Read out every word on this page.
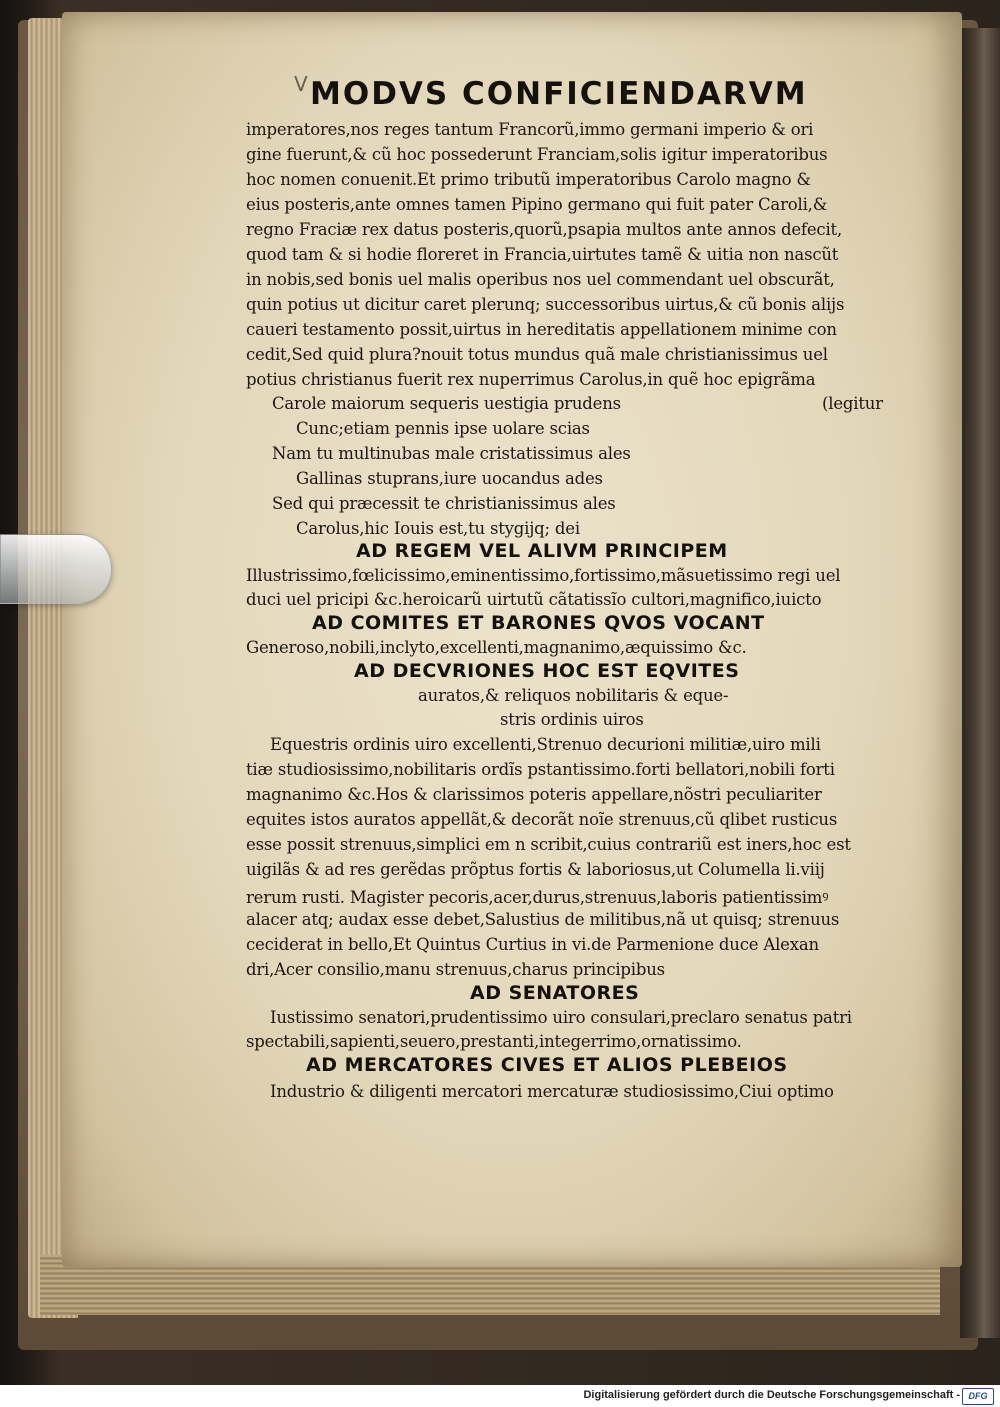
V MODVS CONFICIENDARVM
imperatores,nos reges tantum Francorũ,immo germani imperio & ori
gine fuerunt,& cũ hoc possederunt Franciam,solis igitur imperatoribus
hoc nomen conuenit.Et primo tributũ imperatoribus Carolo magno &
eius posteris,ante omnes tamen Pipino germano qui fuit pater Caroli,&
regno Fraciæ rex datus posteris,quorũ,psapia multos ante annos defecit,
quod tam & si hodie floreret in Francia,uirtutes tamẽ & uitia non nascũt
in nobis,sed bonis uel malis operibus nos uel commendant uel obscurãt,
quin potius ut dicitur caret plerunq; successoribus uirtus,& cũ bonis alijs
caueri testamento possit,uirtus in hereditatis appellationem minime con
cedit,Sed quid plura?nouit totus mundus quã male christianissimus uel
potius christianus fuerit rex nuperrimus Carolus,in quẽ hoc epigrãma
Carole maiorum sequeris uestigia prudens	(legitur
Cunc;etiam pennis ipse uolare scias
Nam tu multinubas male cristatissimus ales
Gallinas stuprans,iure uocandus ades
Sed qui præcessit te christianissimus ales
Carolus,hic Iouis est,tu stygijq; dei
AD REGEM VEL ALIVM PRINCIPEM
Illustrissimo,fœlicissimo,eminentissimo,fortissimo,mãsuetissimo regi uel
duci uel pricipi &c.heroicarũ uirtutũ cãtatissĩo cultori,magnifico,iuicto
AD COMITES ET BARONES QVOS VOCANT
Generoso,nobili,inclyto,excellenti,magnanimo,æquissimo &c.
AD DECVRIONES HOC EST EQVITES
auratos,& reliquos nobilitaris & eque-
stris ordinis uiros
Equestris ordinis uiro excellenti,Strenuo decurioni militiæ,uiro mili
tiæ studiosissimo,nobilitaris ordĩs pstantissimo.forti bellatori,nobili forti
magnanimo &c.Hos & clarissimos poteris appellare,nõstri peculiariter
equites istos auratos appellãt,& decorãt noĩe strenuus,cũ qlibet rusticus
esse possit strenuus,simplici em n scribit,cuius contrariũ est iners,hoc est
uigilãs & ad res gerẽdas prõptus fortis & laboriosus,ut Columella li.viij
rerum rusti. Magister pecoris,acer,durus,strenuus,laboris patientissimꝰ
alacer atq; audax esse debet,Salustius de militibus,nã ut quisq; strenuus
ceciderat in bello,Et Quintus Curtius in vi.de Parmenione duce Alexan
dri,Acer consilio,manu strenuus,charus principibus
AD SENATORES
Iustissimo senatori,prudentissimo uiro consulari,preclaro senatus patri
spectabili,sapienti,seuero,prestanti,integerrimo,ornatissimo.
AD MERCATORES CIVES ET ALIOS PLEBEIOS
Industrio & diligenti mercatori mercaturæ studiosissimo,Ciui optimo
Digitalisierung gefördert durch die Deutsche Forschungsgemeinschaft - DFG
